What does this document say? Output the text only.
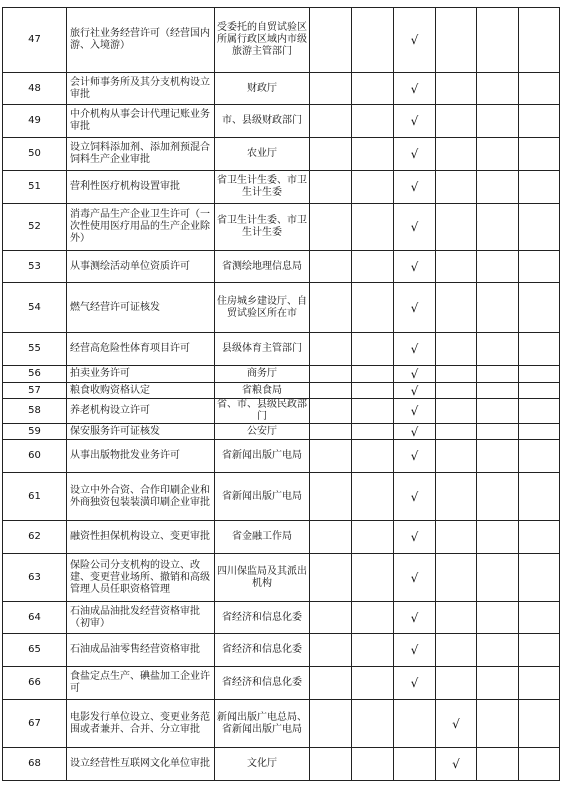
47	旅行社业务经营许可（经营国内游、入境游）	受委托的自贸试验区所属行政区域内市级旅游主管部门			√			
48	会计师事务所及其分支机构设立审批	财政厅			√			
49	中介机构从事会计代理记账业务审批	市、县级财政部门			√			
50	设立饲料添加剂、添加剂预混合饲料生产企业审批	农业厅			√			
51	营利性医疗机构设置审批	省卫生计生委、市卫生计生委			√			
52	消毒产品生产企业卫生许可（一次性使用医疗用品的生产企业除外）	省卫生计生委、市卫生计生委			√			
53	从事测绘活动单位资质许可	省测绘地理信息局			√			
54	燃气经营许可证核发	住房城乡建设厅、自贸试验区所在市			√			
55	经营高危险性体育项目许可	县级体育主管部门			√			
56	拍卖业务许可	商务厅			√			
57	粮食收购资格认定	省粮食局			√			
58	养老机构设立许可	省、市、县级民政部门			√			
59	保安服务许可证核发	公安厅			√			
60	从事出版物批发业务许可	省新闻出版广电局			√			
61	设立中外合资、合作印刷企业和外商独资包装装潢印刷企业审批	省新闻出版广电局			√			
62	融资性担保机构设立、变更审批	省金融工作局			√			
63	保险公司分支机构的设立、改建、变更营业场所、撤销和高级管理人员任职资格管理	四川保监局及其派出机构			√			
64	石油成品油批发经营资格审批（初审）	省经济和信息化委			√			
65	石油成品油零售经营资格审批	省经济和信息化委			√			
66	食盐定点生产、碘盐加工企业许可	省经济和信息化委			√			
67	电影发行单位设立、变更业务范围或者兼并、合并、分立审批	新闻出版广电总局、省新闻出版广电局				√		
68	设立经营性互联网文化单位审批	文化厅				√		
